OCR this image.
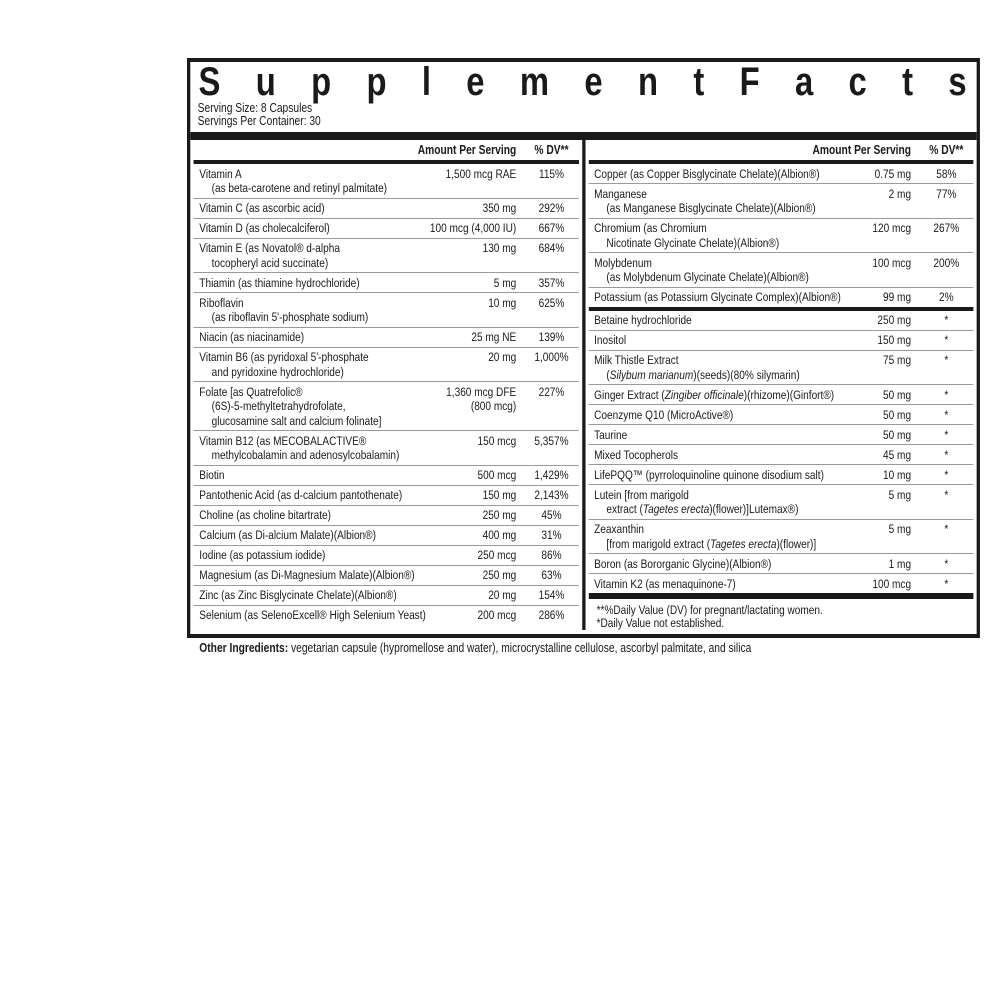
S u p p l e m e n t F a c t s
Serving Size: 8 Capsules
Servings Per Container: 30
Amount Per Serving	% DV**
Vitamin A
(as beta-carotene and retinyl palmitate)
1,500 mcg RAE	115%
Vitamin C (as ascorbic acid)	350 mg	292%
Vitamin D (as cholecalciferol)	100 mcg (4,000 IU)	667%
Vitamin E (as Novatol® d-alpha
tocopheryl acid succinate)
130 mg	684%
Thiamin (as thiamine hydrochloride)	5 mg	357%
Riboflavin
(as riboflavin 5'-phosphate sodium)
10 mg	625%
Niacin (as niacinamide)	25 mg NE	139%
Vitamin B6 (as pyridoxal 5'-phosphate
and pyridoxine hydrochloride)
20 mg	1,000%
Folate [as Quatrefolic®
(6S)-5-methyltetrahydrofolate,
glucosamine salt and calcium folinate]
1,360 mcg DFE
(800 mcg)
227%
Vitamin B12 (as MECOBALACTIVE®
methylcobalamin and adenosylcobalamin)
150 mcg	5,357%
Biotin	500 mcg	1,429%
Pantothenic Acid (as d-calcium pantothenate)	150 mg	2,143%
Choline (as choline bitartrate)	250 mg	45%
Calcium (as Di-alcium Malate)(Albion®)	400 mg	31%
Iodine (as potassium iodide)	250 mcg	86%
Magnesium (as Di-Magnesium Malate)(Albion®)	250 mg	63%
Zinc (as Zinc Bisglycinate Chelate)(Albion®)	20 mg	154%
Selenium (as SelenoExcell® High Selenium Yeast)	200 mcg	286%
Amount Per Serving	% DV**
Copper (as Copper Bisglycinate Chelate)(Albion®)	0.75 mg	58%
Manganese
(as Manganese Bisglycinate Chelate)(Albion®)
2 mg	77%
Chromium (as Chromium
Nicotinate Glycinate Chelate)(Albion®)
120 mcg	267%
Molybdenum
(as Molybdenum Glycinate Chelate)(Albion®)
100 mcg	200%
Potassium (as Potassium Glycinate Complex)(Albion®)	99 mg	2%
Betaine hydrochloride	250 mg	*
Inositol	150 mg	*
Milk Thistle Extract
(Silybum marianum)(seeds)(80% silymarin)
75 mg	*
Ginger Extract (Zingiber officinale)(rhizome)(Ginfort®)	50 mg	*
Coenzyme Q10 (MicroActive®)	50 mg	*
Taurine	50 mg	*
Mixed Tocopherols	45 mg	*
LifePQQ™ (pyrroloquinoline quinone disodium salt)	10 mg	*
Lutein [from marigold
extract (Tagetes erecta)(flower)]Lutemax®)
5 mg	*
Zeaxanthin
[from marigold extract (Tagetes erecta)(flower)]
5 mg	*
Boron (as Bororganic Glycine)(Albion®)	1 mg	*
Vitamin K2 (as menaquinone-7)	100 mcg	*
**%Daily Value (DV) for pregnant/lactating women.
*Daily Value not established.
Other Ingredients: vegetarian capsule (hypromellose and water), microcrystalline cellulose, ascorbyl palmitate, and silica
